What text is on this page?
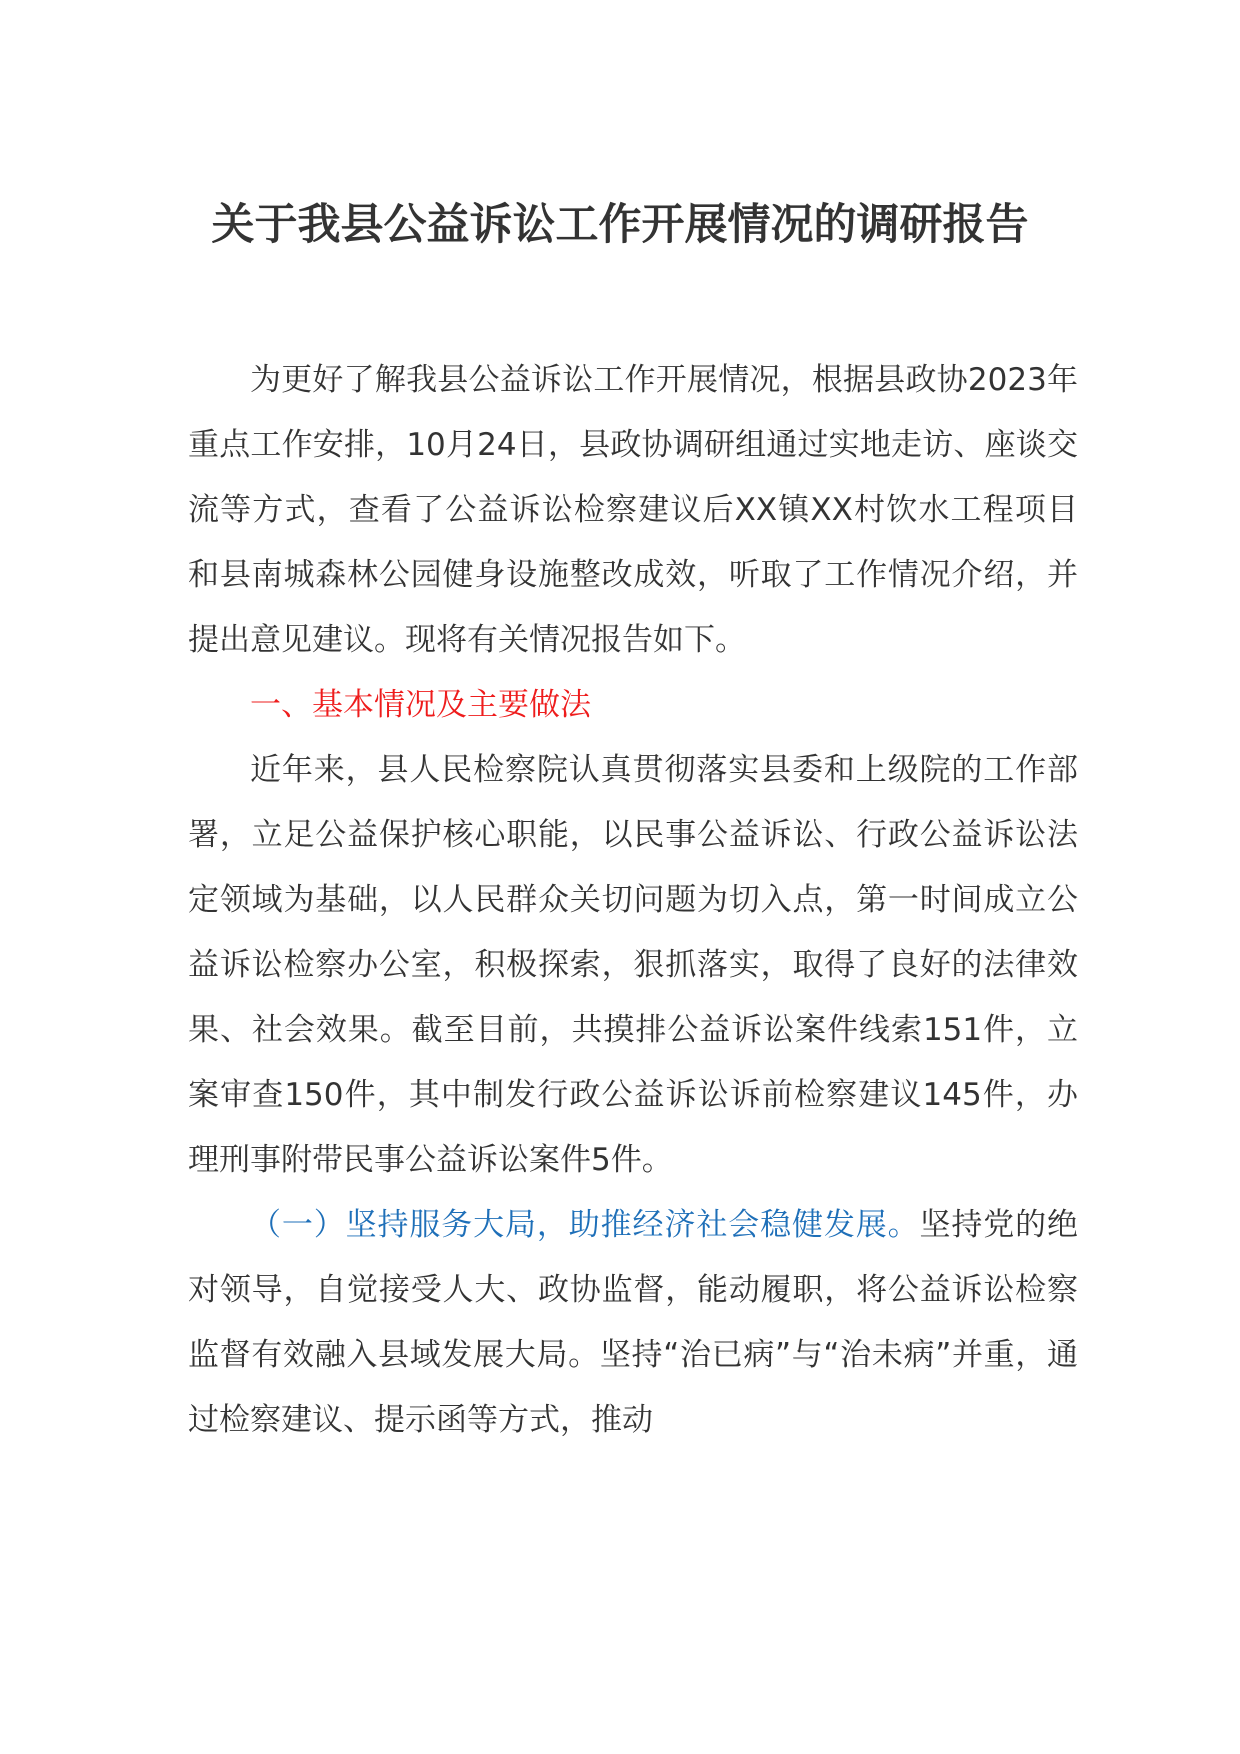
关于我县公益诉讼工作开展情况的调研报告

为更好了解我县公益诉讼工作开展情况，根据县政协2023年重点工作安排，10月24日，县政协调研组通过实地走访、座谈交流等方式，查看了公益诉讼检察建议后XX镇XX村饮水工程项目和县南城森林公园健身设施整改成效，听取了工作情况介绍，并提出意见建议。现将有关情况报告如下。

一、基本情况及主要做法

近年来，县人民检察院认真贯彻落实县委和上级院的工作部署，立足公益保护核心职能，以民事公益诉讼、行政公益诉讼法定领域为基础，以人民群众关切问题为切入点，第一时间成立公益诉讼检察办公室，积极探索，狠抓落实，取得了良好的法律效果、社会效果。截至目前，共摸排公益诉讼案件线索151件，立案审查150件，其中制发行政公益诉讼诉前检察建议145件，办理刑事附带民事公益诉讼案件5件。

（一）坚持服务大局，助推经济社会稳健发展。坚持党的绝对领导，自觉接受人大、政协监督，能动履职，将公益诉讼检察监督有效融入县域发展大局。坚持“治已病”与“治未病”并重，通过检察建议、提示函等方式，推动
